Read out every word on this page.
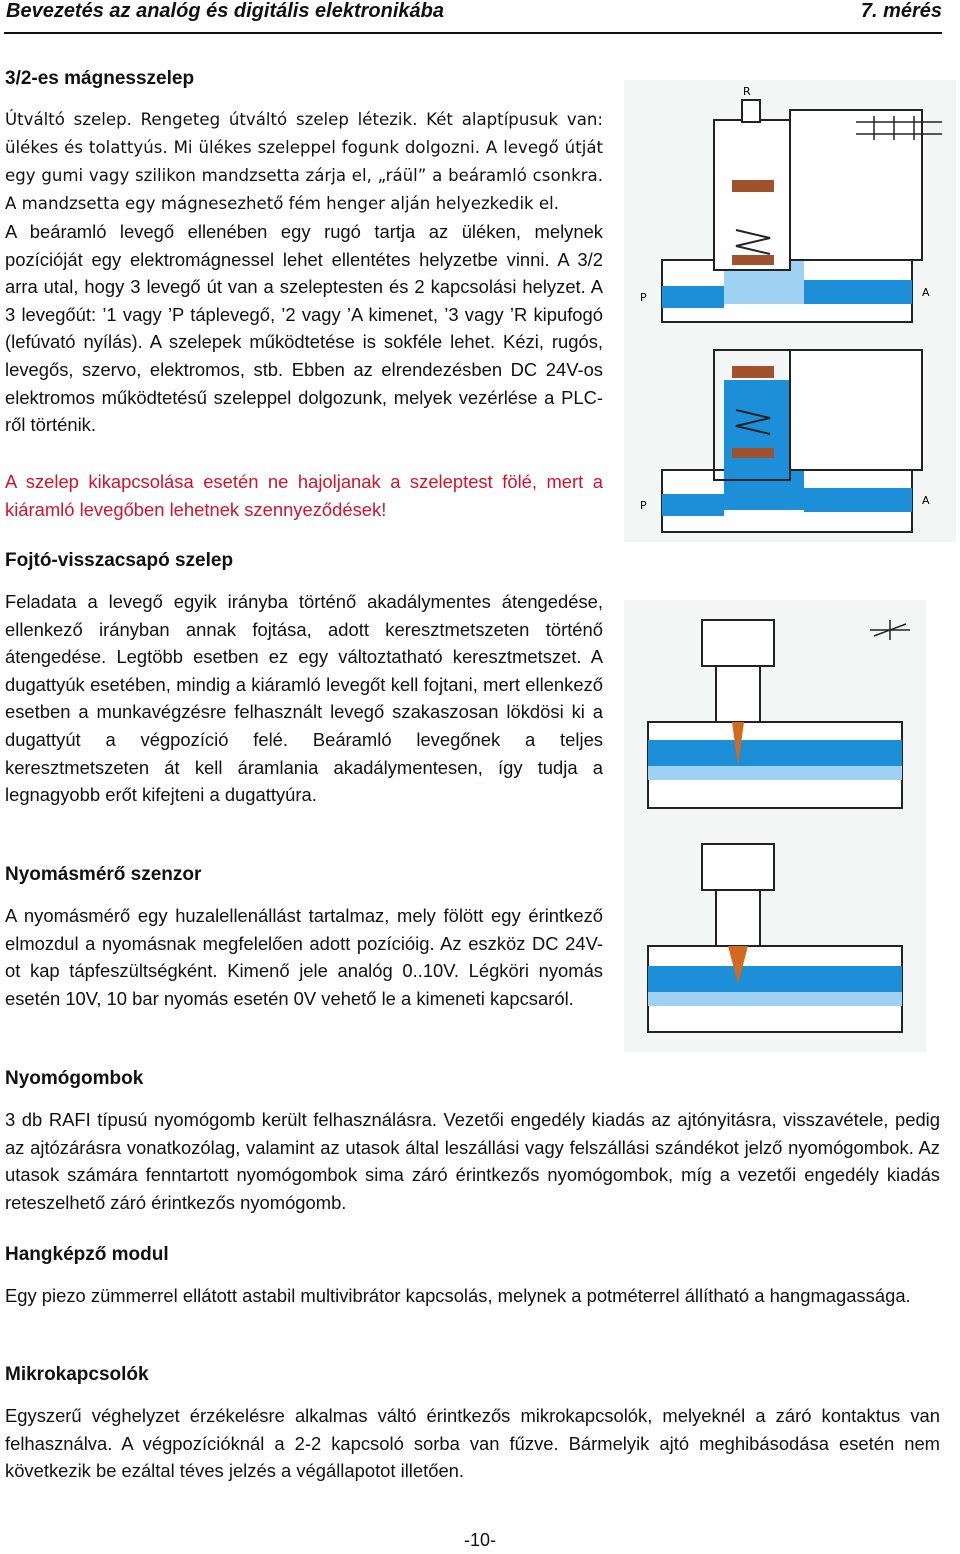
Bevezetés az analóg és digitális elektronikába	7. mérés

3/2-es mágnesszelep

Útváltó szelep. Rengeteg útváltó szelep létezik. Két alaptípusuk van: ülékes és tolattyús. Mi ülékes szeleppel fogunk dolgozni. A levegő útját egy gumi vagy szilikon mandzsetta zárja el, „ráül” a beáramló csonkra. A mandzsetta egy mágnesezhető fém henger alján helyezkedik el.

A beáramló levegő ellenében egy rugó tartja az üléken, melynek pozícióját egy elektromágnessel lehet ellentétes helyzetbe vinni. A 3/2 arra utal, hogy 3 levegő út van a szeleptesten és 2 kapcsolási helyzet. A 3 levegőút: ’1 vagy ’P táplevegő, ’2 vagy ’A kimenet, ’3 vagy ’R kipufogó (lefúvató nyílás). A szelepek működtetése is sokféle lehet. Kézi, rugós, levegős, szervo, elektromos, stb. Ebben az elrendezésben DC 24V-os elektromos működtetésű szeleppel dolgozunk, melyek vezérlése a PLC-ről történik.

A szelep kikapcsolása esetén ne hajoljanak a szeleptest fölé, mert a kiáramló levegőben lehetnek szennyeződések!

R
P	A
P	A

Fojtó-visszacsapó szelep

Feladata a levegő egyik irányba történő akadálymentes átengedése, ellenkező irányban annak fojtása, adott keresztmetszeten történő átengedése. Legtöbb esetben ez egy változtatható keresztmetszet. A dugattyúk esetében, mindig a kiáramló levegőt kell fojtani, mert ellenkező esetben a munkavégzésre felhasznált levegő szakaszosan lökdösi ki a dugattyút a végpozíció felé. Beáramló levegőnek a teljes keresztmetszeten át kell áramlania akadálymentesen, így tudja a legnagyobb erőt kifejteni a dugattyúra.

Nyomásmérő szenzor

A nyomásmérő egy huzalellenállást tartalmaz, mely fölött egy érintkező elmozdul a nyomásnak megfelelően adott pozícióig. Az eszköz DC 24V-ot kap tápfeszültségként. Kimenő jele analóg 0..10V. Légköri nyomás esetén 10V, 10 bar nyomás esetén 0V vehető le a kimeneti kapcsaról.

Nyomógombok

3 db RAFI típusú nyomógomb került felhasználásra. Vezetői engedély kiadás az ajtónyitásra, visszavétele, pedig az ajtózárásra vonatkozólag, valamint az utasok által leszállási vagy felszállási szándékot jelző nyomógombok. Az utasok számára fenntartott nyomógombok sima záró érintkezős nyomógombok, míg a vezetői engedély kiadás reteszelhető záró érintkezős nyomógomb.

Hangképző modul

Egy piezo zümmerrel ellátott astabil multivibrátor kapcsolás, melynek a potméterrel állítható a hangmagassága.

Mikrokapcsolók

Egyszerű véghelyzet érzékelésre alkalmas váltó érintkezős mikrokapcsolók, melyeknél a záró kontaktus van felhasználva. A végpozícióknál a 2-2 kapcsoló sorba van fűzve. Bármelyik ajtó meghibásodása esetén nem következik be ezáltal téves jelzés a végállapotot illetően.

-10-
